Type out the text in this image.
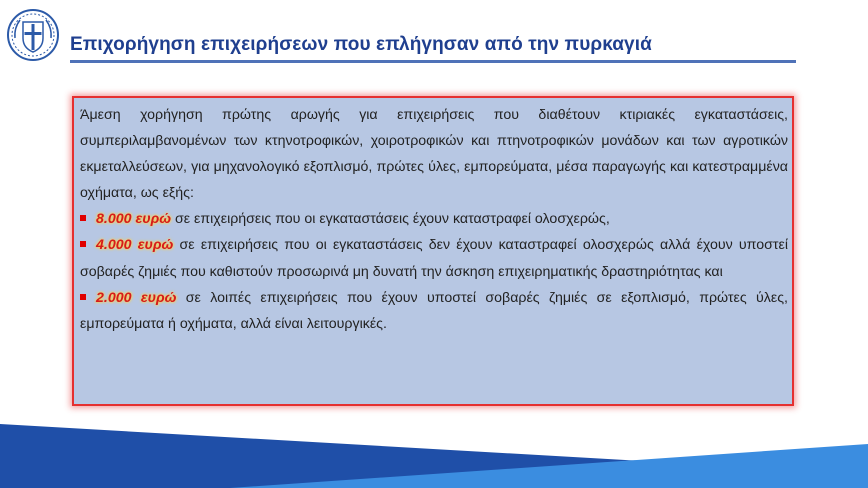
Επιχορήγηση επιχειρήσεων που επλήγησαν από την πυρκαγιά

Άμεση χορήγηση πρώτης αρωγής για επιχειρήσεις που διαθέτουν κτιριακές εγκαταστάσεις, συμπεριλαμβανομένων των κτηνοτροφικών, χοιροτροφικών και πτηνοτροφικών μονάδων και των αγροτικών εκμεταλλεύσεων, για μηχανολογικό εξοπλισμό, πρώτες ύλες, εμπορεύματα, μέσα παραγωγής και κατεστραμμένα οχήματα, ως εξής:

8.000 ευρώ σε επιχειρήσεις που οι εγκαταστάσεις έχουν καταστραφεί ολοσχερώς,

4.000 ευρώ σε επιχειρήσεις που οι εγκαταστάσεις δεν έχουν καταστραφεί ολοσχερώς αλλά έχουν υποστεί σοβαρές ζημιές που καθιστούν προσωρινά μη δυνατή την άσκηση επιχειρηματικής δραστηριότητας και

2.000 ευρώ σε λοιπές επιχειρήσεις που έχουν υποστεί σοβαρές ζημιές σε εξοπλισμό, πρώτες ύλες, εμπορεύματα ή οχήματα, αλλά είναι λειτουργικές.
